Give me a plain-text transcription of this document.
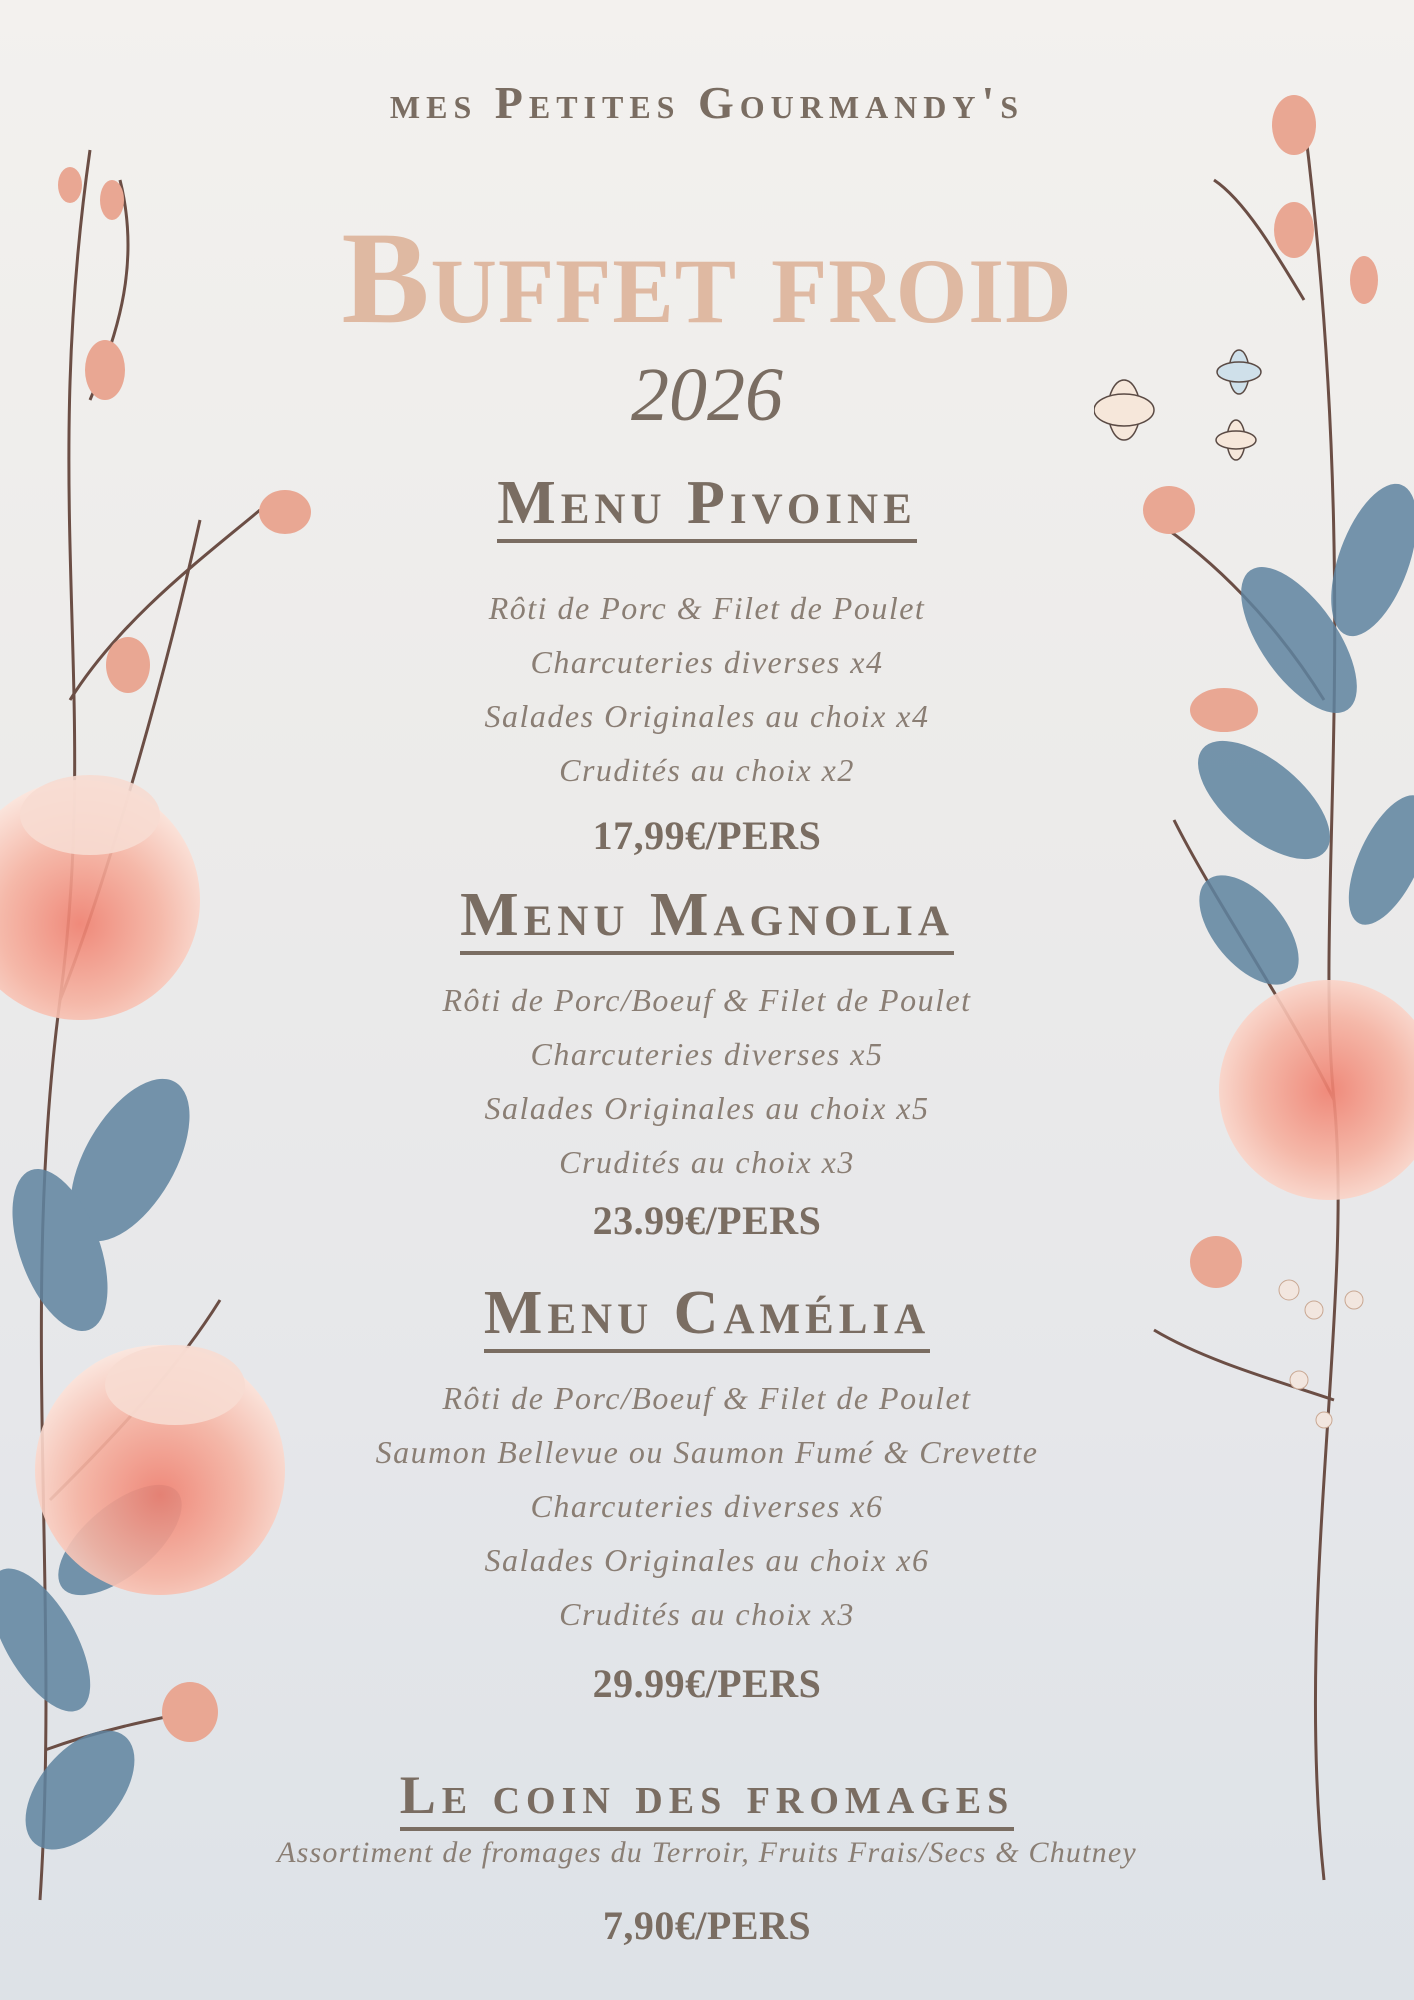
mes Petites Gourmandy's
Buffet froid
2026
Menu Pivoine
Rôti de Porc & Filet de Poulet
Charcuteries diverses x4
Salades Originales au choix x4
Crudités au choix x2
17,99€/PERS
Menu Magnolia
Rôti de Porc/Boeuf & Filet de Poulet
Charcuteries diverses x5
Salades Originales au choix x5
Crudités au choix x3
23.99€/PERS
Menu Camélia
Rôti de Porc/Boeuf & Filet de Poulet
Saumon Bellevue ou Saumon Fumé & Crevette
Charcuteries diverses x6
Salades Originales au choix x6
Crudités au choix x3
29.99€/PERS
Le coin des fromages
Assortiment de fromages du Terroir, Fruits Frais/Secs & Chutney
7,90€/PERS
